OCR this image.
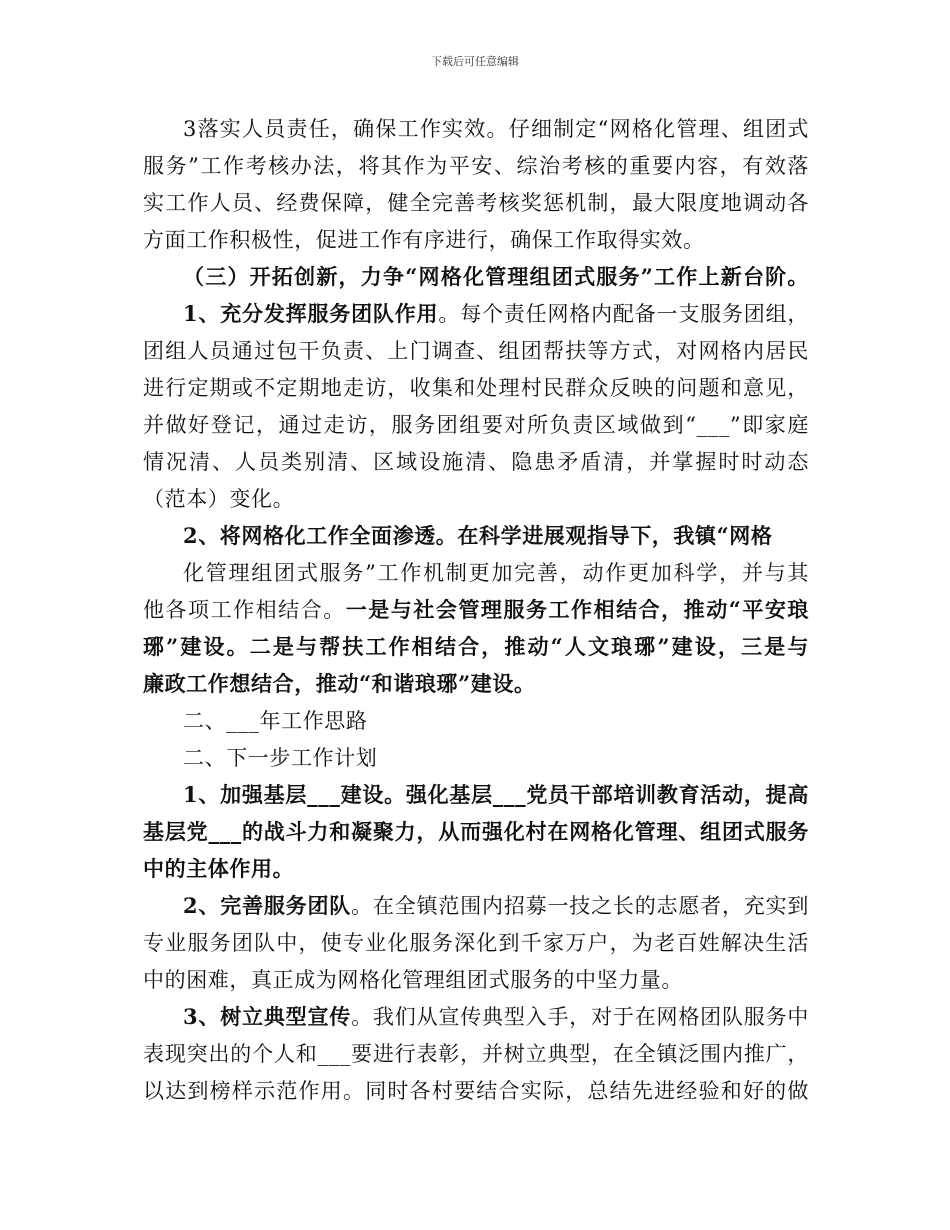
下载后可任意编辑
3落实人员责任，确保工作实效。仔细制定“网格化管理、组团式
服务”工作考核办法，将其作为平安、综治考核的重要内容，有效落
实工作人员、经费保障，健全完善考核奖惩机制，最大限度地调动各
方面工作积极性，促进工作有序进行，确保工作取得实效。
（三）开拓创新，力争“网格化管理组团式服务”工作上新台阶。
1、充分发挥服务团队作用。每个责任网格内配备一支服务团组，
团组人员通过包干负责、上门调查、组团帮扶等方式，对网格内居民
进行定期或不定期地走访，收集和处理村民群众反映的问题和意见，
并做好登记，通过走访，服务团组要对所负责区域做到“___”即家庭
情况清、人员类别清、区域设施清、隐患矛盾清，并掌握时时动态
（范本）变化。
2、将网格化工作全面渗透。在科学进展观指导下，我镇“网格
化管理组团式服务”工作机制更加完善，动作更加科学，并与其
他各项工作相结合。一是与社会管理服务工作相结合，推动“平安琅
琊”建设。二是与帮扶工作相结合，推动“人文琅琊”建设，三是与
廉政工作想结合，推动“和谐琅琊”建设。
二、___年工作思路
二、下一步工作计划
1、加强基层___建设。强化基层___党员干部培训教育活动，提高
基层党___的战斗力和凝聚力，从而强化村在网格化管理、组团式服务
中的主体作用。
2、完善服务团队。在全镇范围内招募一技之长的志愿者，充实到
专业服务团队中，使专业化服务深化到千家万户，为老百姓解决生活
中的困难，真正成为网格化管理组团式服务的中坚力量。
3、树立典型宣传。我们从宣传典型入手，对于在网格团队服务中
表现突出的个人和___要进行表彰，并树立典型，在全镇泛围内推广，
以达到榜样示范作用。同时各村要结合实际，总结先进经验和好的做
